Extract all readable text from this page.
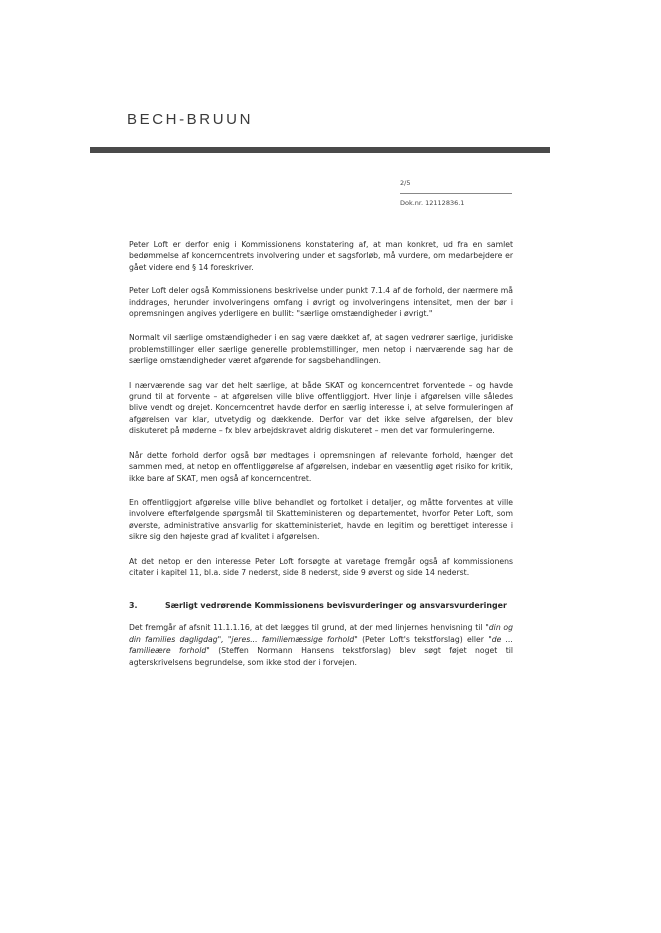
BECH-BRUUN
2/5
Dok.nr. 12112836.1

Peter Loft er derfor enig i Kommissionens konstatering af, at man konkret, ud fra en samlet bedømmelse af koncerncentrets involvering under et sagsforløb, må vurdere, om medarbejdere er gået videre end § 14 foreskriver.

Peter Loft deler også Kommissionens beskrivelse under punkt 7.1.4 af de forhold, der nærmere må inddrages, herunder involveringens omfang i øvrigt og involveringens intensitet, men der bør i opremsningen angives yderligere en bullit: "særlige omstændigheder i øvrigt."

Normalt vil særlige omstændigheder i en sag være dækket af, at sagen vedrører særlige, juridiske problemstillinger eller særlige generelle problemstillinger, men netop i nærværende sag har de særlige omstændigheder været afgørende for sagsbehandlingen.

I nærværende sag var det helt særlige, at både SKAT og koncerncentret forventede – og havde grund til at forvente – at afgørelsen ville blive offentliggjort. Hver linje i afgørelsen ville således blive vendt og drejet. Koncerncentret havde derfor en særlig interesse i, at selve formuleringen af afgørelsen var klar, utvetydig og dækkende. Derfor var det ikke selve afgørelsen, der blev diskuteret på møderne – fx blev arbejdskravet aldrig diskuteret – men det var formuleringerne.

Når dette forhold derfor også bør medtages i opremsningen af relevante forhold, hænger det sammen med, at netop en offentliggørelse af afgørelsen, indebar en væsentlig øget risiko for kritik, ikke bare af SKAT, men også af koncerncentret.

En offentliggjort afgørelse ville blive behandlet og fortolket i detaljer, og måtte forventes at ville involvere efterfølgende spørgsmål til Skatteministeren og departementet, hvorfor Peter Loft, som øverste, administrative ansvarlig for skatteministeriet, havde en legitim og berettiget interesse i sikre sig den højeste grad af kvalitet i afgørelsen.

At det netop er den interesse Peter Loft forsøgte at varetage fremgår også af kommissionens citater i kapitel 11, bl.a. side 7 nederst, side 8 nederst, side 9 øverst og side 14 nederst.

3.	Særligt vedrørende Kommissionens bevisvurderinger og ansvarsvurderinger

Det fremgår af afsnit 11.1.1.16, at det lægges til grund, at der med linjernes henvisning til "din og din families dagligdag", "jeres... familiemæssige forhold" (Peter Loft's tekstforslag) eller "de ... familieære forhold" (Steffen Normann Hansens tekstforslag) blev søgt føjet noget til agterskrivelsens begrundelse, som ikke stod der i forvejen.
